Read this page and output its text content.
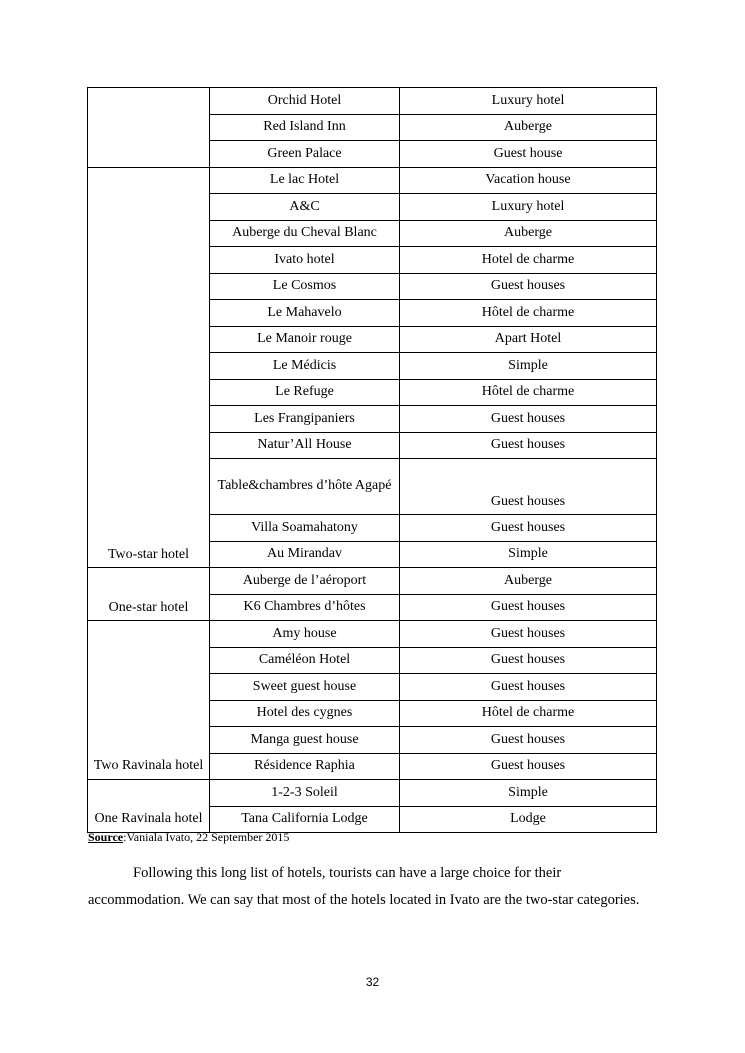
	Orchid Hotel	Luxury hotel
	Red Island Inn	Auberge
	Green Palace	Guest house
Two-star hotel	Le lac Hotel	Vacation house
	A&C	Luxury hotel
	Auberge du Cheval Blanc	Auberge
	Ivato hotel	Hotel de charme
	Le Cosmos	Guest houses
	Le Mahavelo	Hôtel de charme
	Le Manoir rouge	Apart Hotel
	Le Médicis	Simple
	Le Refuge	Hôtel de charme
	Les Frangipaniers	Guest houses
	Natur’All House	Guest houses
	Table&chambres d’hôte Agapé	Guest houses
	Villa Soamahatony	Guest houses
	Au Mirandav	Simple
One-star hotel	Auberge de l’aéroport	Auberge
	K6 Chambres d’hôtes	Guest houses
Two Ravinala hotel	Amy house	Guest houses
	Caméléon Hotel	Guest houses
	Sweet guest house	Guest houses
	Hotel des cygnes	Hôtel de charme
	Manga guest house	Guest houses
	Résidence Raphia	Guest houses
One Ravinala hotel	1-2-3 Soleil	Simple
	Tana California Lodge	Lodge
Source:Vaniala Ivato, 22 September 2015

Following this long list of hotels, tourists can have a large choice for their accommodation. We can say that most of the hotels located in Ivato are the two-star categories.

32
